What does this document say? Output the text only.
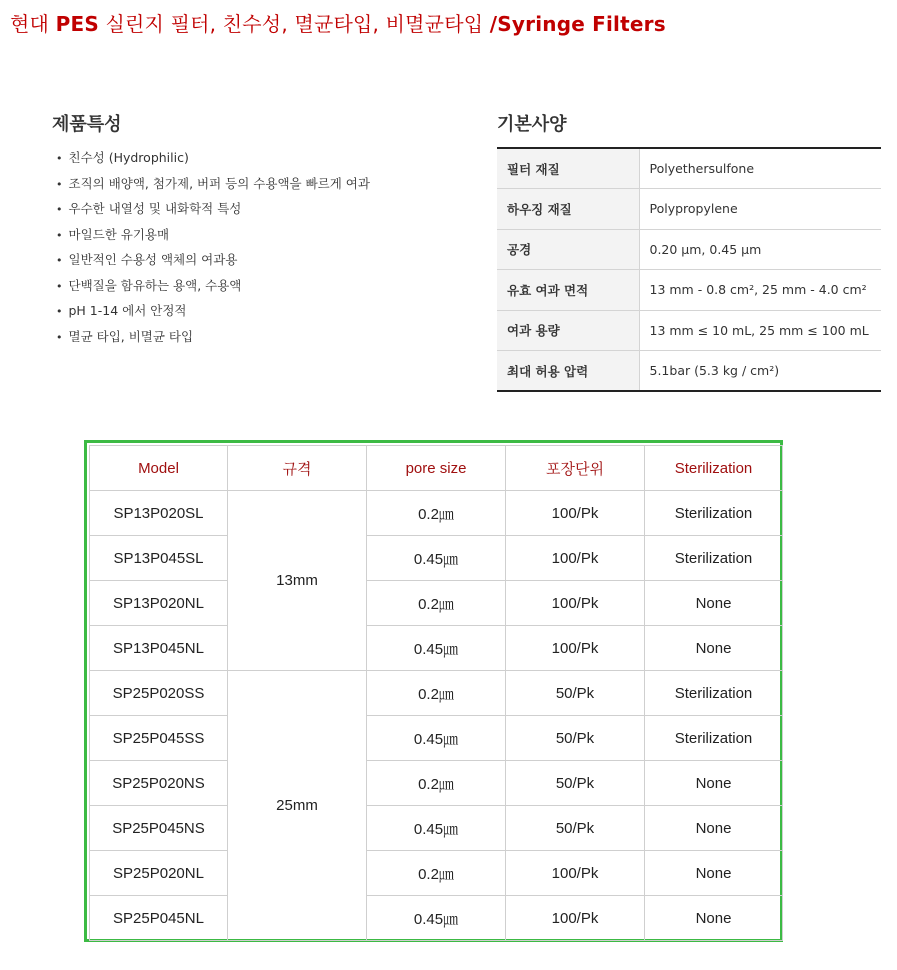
현대 PES 실린지 필터, 친수성, 멸균타입, 비멸균타입 /Syringe Filters
제품특성
• 친수성 (Hydrophilic)
• 조직의 배양액, 첨가제, 버퍼 등의 수용액을 빠르게 여과
• 우수한 내열성 및 내화학적 특성
• 마일드한 유기용매
• 일반적인 수용성 액체의 여과용
• 단백질을 함유하는 용액, 수용액
• pH 1-14 에서 안정적
• 멸균 타입, 비멸균 타입
기본사양
필터 재질	Polyethersulfone
하우징 재질	Polypropylene
공경	0.20 μm, 0.45 μm
유효 여과 면적	13 mm - 0.8 cm², 25 mm - 4.0 cm²
여과 용량	13 mm ≤ 10 mL, 25 mm ≤ 100 mL
최대 허용 압력	5.1bar (5.3 kg / cm²)
Model	규격	pore size	포장단위	Sterilization
SP13P020SL	13mm	0.2㎛	100/Pk	Sterilization
SP13P045SL		0.45㎛	100/Pk	Sterilization
SP13P020NL		0.2㎛	100/Pk	None
SP13P045NL		0.45㎛	100/Pk	None
SP25P020SS	25mm	0.2㎛	50/Pk	Sterilization
SP25P045SS		0.45㎛	50/Pk	Sterilization
SP25P020NS		0.2㎛	50/Pk	None
SP25P045NS		0.45㎛	50/Pk	None
SP25P020NL		0.2㎛	100/Pk	None
SP25P045NL		0.45㎛	100/Pk	None
